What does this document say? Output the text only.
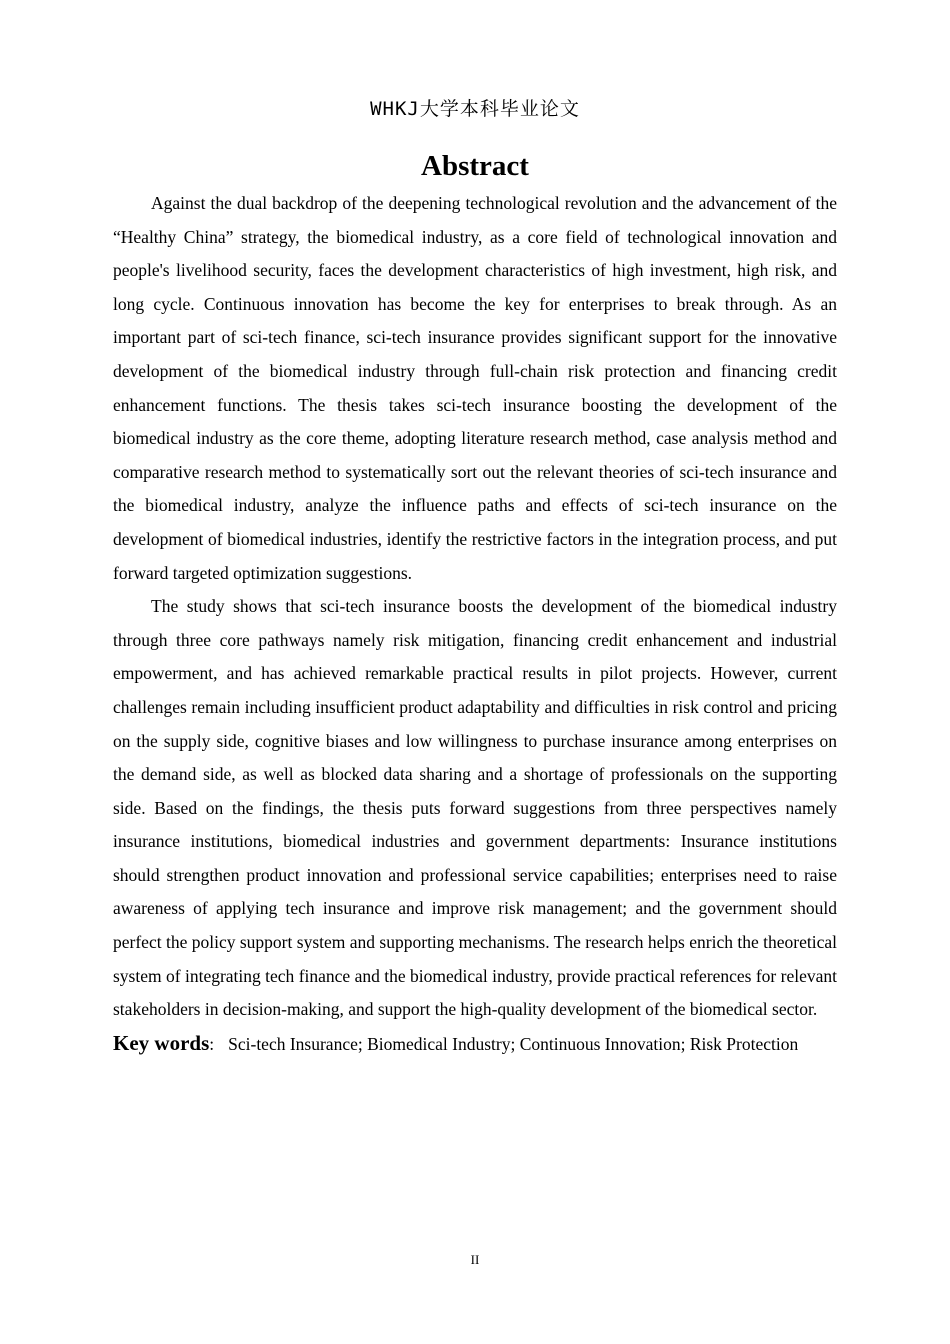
WHKJ大学本科毕业论文
Abstract

Against the dual backdrop of the deepening technological revolution and the advancement of the “Healthy China” strategy, the biomedical industry, as a core field of technological innovation and people's livelihood security, faces the development characteristics of high investment, high risk, and long cycle. Continuous innovation has become the key for enterprises to break through. As an important part of sci-tech finance, sci-tech insurance provides significant support for the innovative development of the biomedical industry through full-chain risk protection and financing credit enhancement functions. The thesis takes sci-tech insurance boosting the development of the biomedical industry as the core theme, adopting literature research method, case analysis method and comparative research method to systematically sort out the relevant theories of sci-tech insurance and the biomedical industry, analyze the influence paths and effects of sci-tech insurance on the development of biomedical industries, identify the restrictive factors in the integration process, and put forward targeted optimization suggestions.

The study shows that sci-tech insurance boosts the development of the biomedical industry through three core pathways namely risk mitigation, financing credit enhancement and industrial empowerment, and has achieved remarkable practical results in pilot projects. However, current challenges remain including insufficient product adaptability and difficulties in risk control and pricing on the supply side, cognitive biases and low willingness to purchase insurance among enterprises on the demand side, as well as blocked data sharing and a shortage of professionals on the supporting side. Based on the findings, the thesis puts forward suggestions from three perspectives namely insurance institutions, biomedical industries and government departments: Insurance institutions should strengthen product innovation and professional service capabilities; enterprises need to raise awareness of applying tech insurance and improve risk management; and the government should perfect the policy support system and supporting mechanisms. The research helps enrich the theoretical system of integrating tech finance and the biomedical industry, provide practical references for relevant stakeholders in decision-making, and support the high-quality development of the biomedical sector.

Key words: Sci-tech Insurance; Biomedical Industry; Continuous Innovation; Risk Protection

II
